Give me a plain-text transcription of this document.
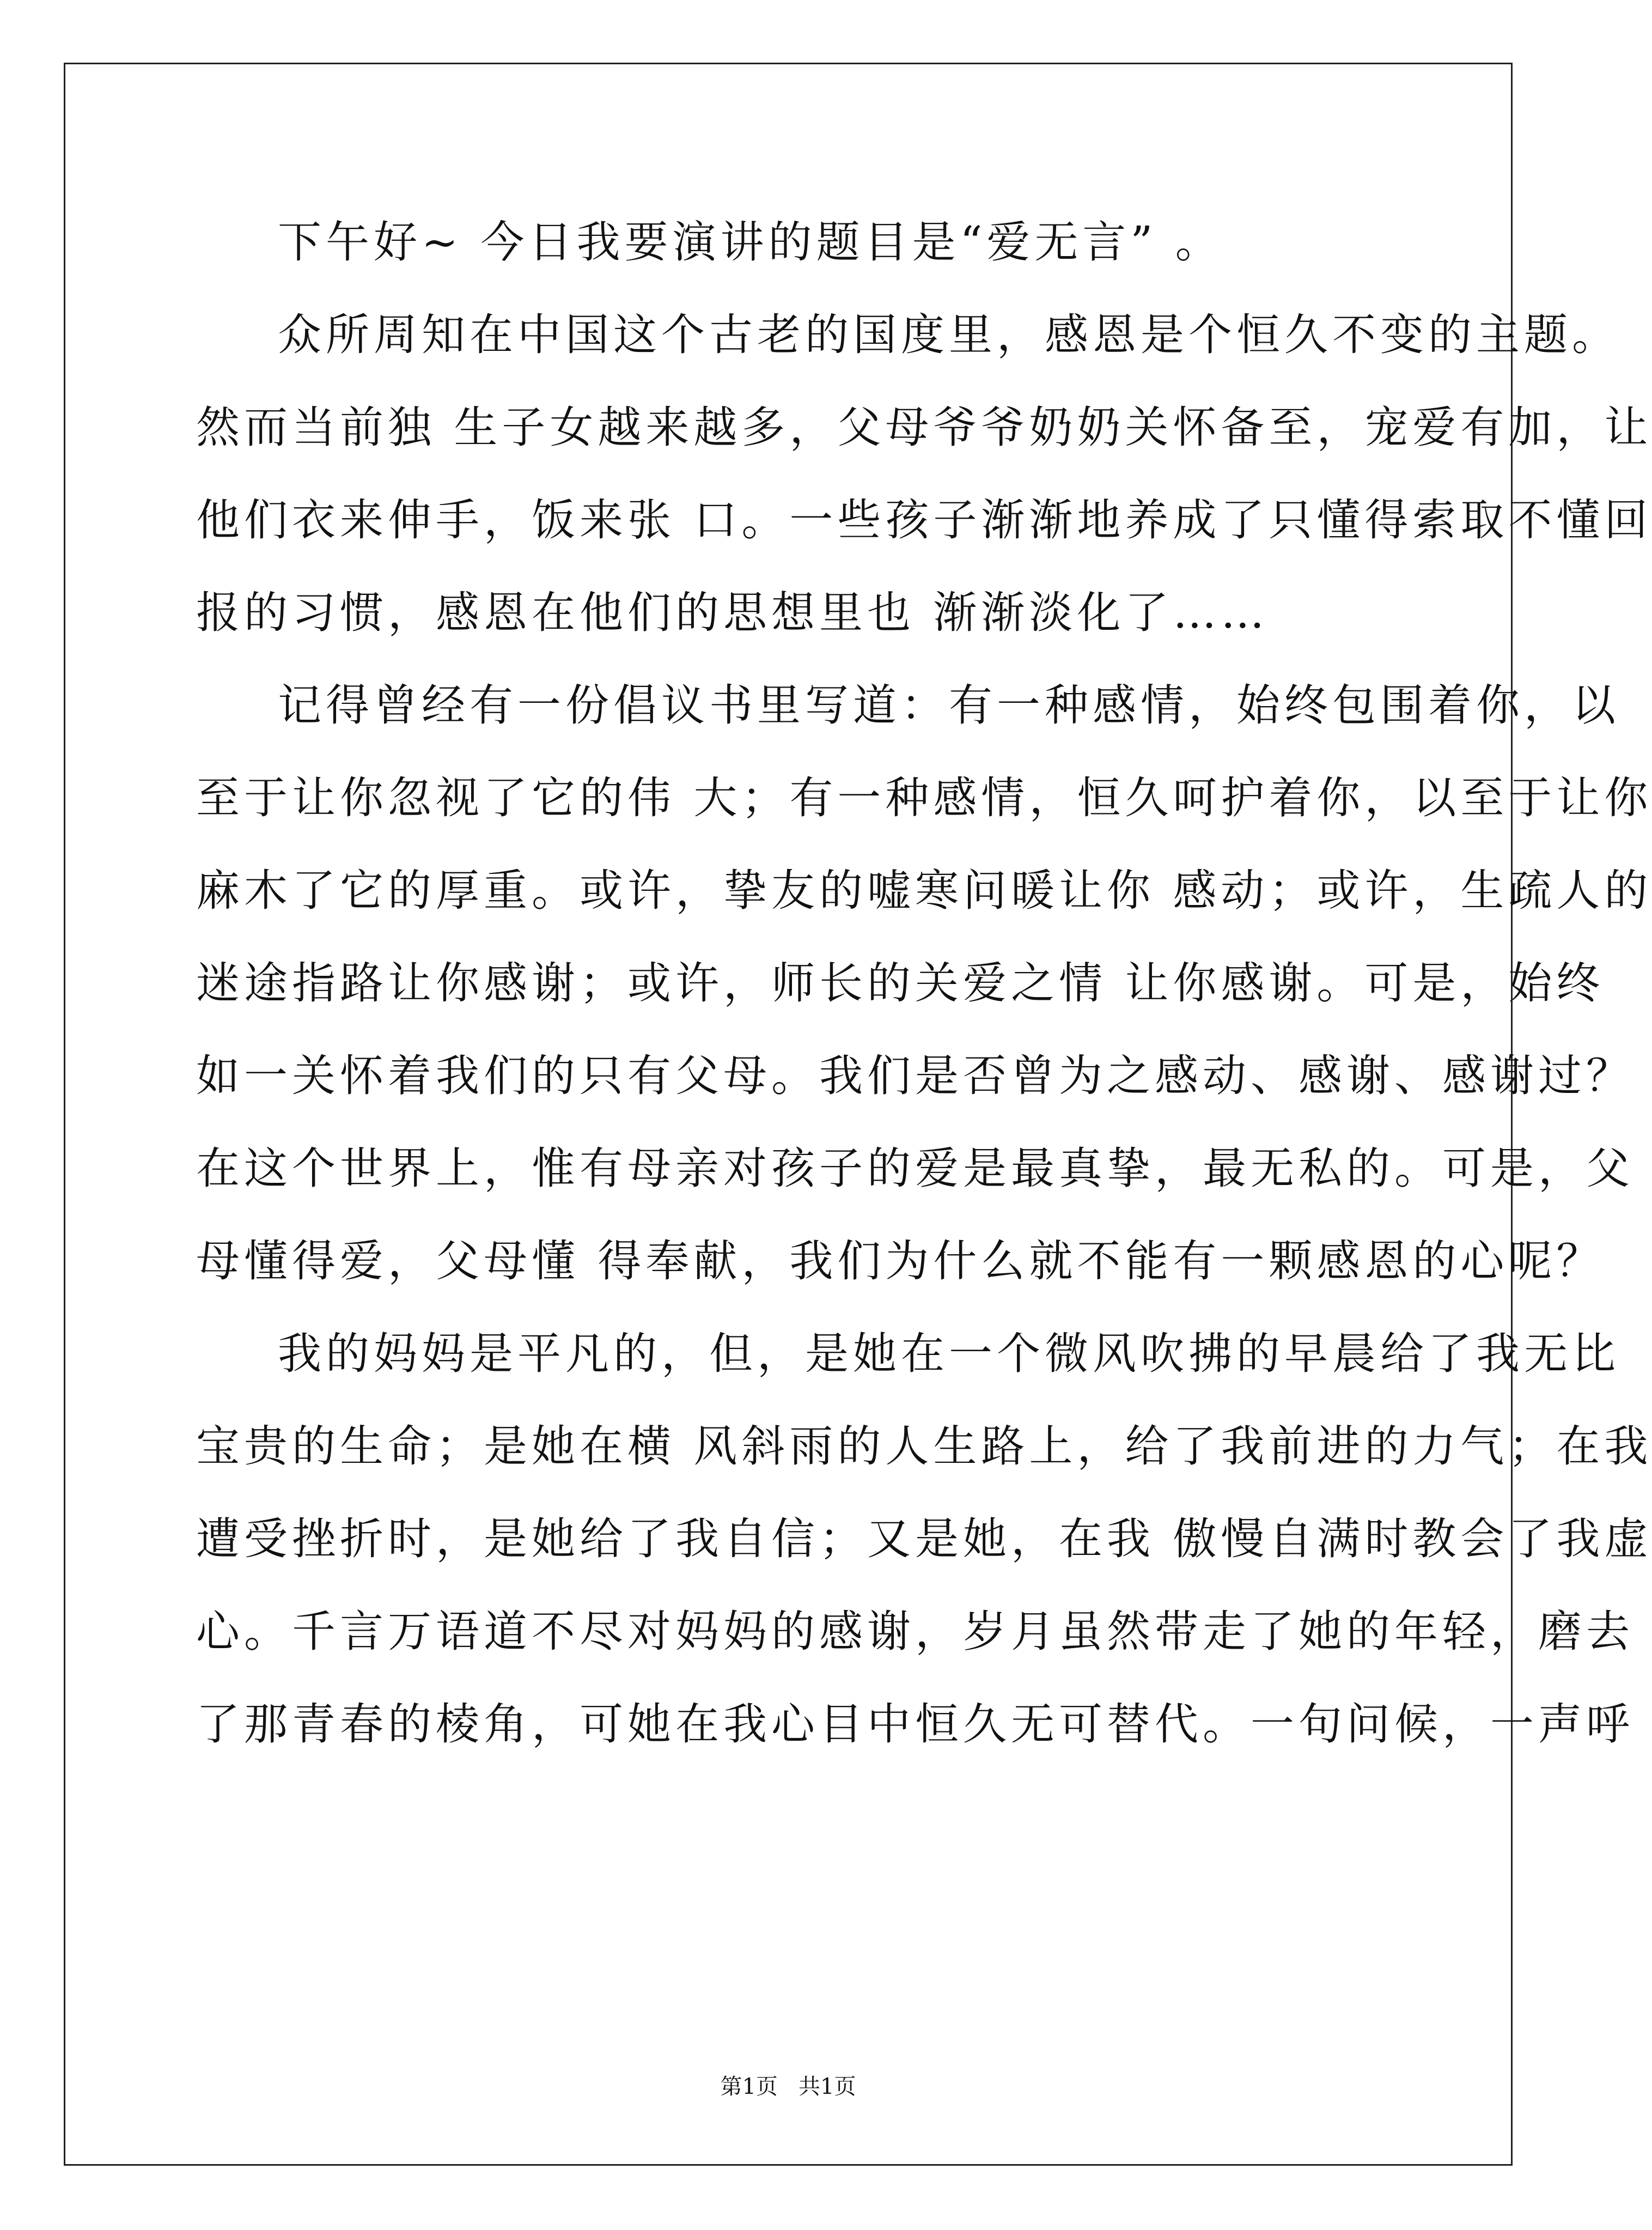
下午好~ 今日我要演讲的题目是“爱无言” 。
众所周知在中国这个古老的国度里，感恩是个恒久不变的主题。
然而当前独 生子女越来越多，父母爷爷奶奶关怀备至，宠爱有加，让
他们衣来伸手，饭来张 口。一些孩子渐渐地养成了只懂得索取不懂回
报的习惯，感恩在他们的思想里也 渐渐淡化了……
记得曾经有一份倡议书里写道：有一种感情，始终包围着你，以
至于让你忽视了它的伟 大；有一种感情，恒久呵护着你，以至于让你
麻木了它的厚重。或许，挚友的嘘寒问暖让你 感动；或许，生疏人的
迷途指路让你感谢；或许，师长的关爱之情 让你感谢。可是，始终
如一关怀着我们的只有父母。我们是否曾为之感动、感谢、感谢过？
在这个世界上，惟有母亲对孩子的爱是最真挚，最无私的。可是，父
母懂得爱，父母懂 得奉献，我们为什么就不能有一颗感恩的心呢？
我的妈妈是平凡的，但，是她在一个微风吹拂的早晨给了我无比
宝贵的生命；是她在横 风斜雨的人生路上，给了我前进的力气；在我
遭受挫折时，是她给了我自信；又是她，在我 傲慢自满时教会了我虚
心。千言万语道不尽对妈妈的感谢，岁月虽然带走了她的年轻，磨去
了那青春的棱角，可她在我心目中恒久无可替代。一句问候，一声呼
第1页   共1页
